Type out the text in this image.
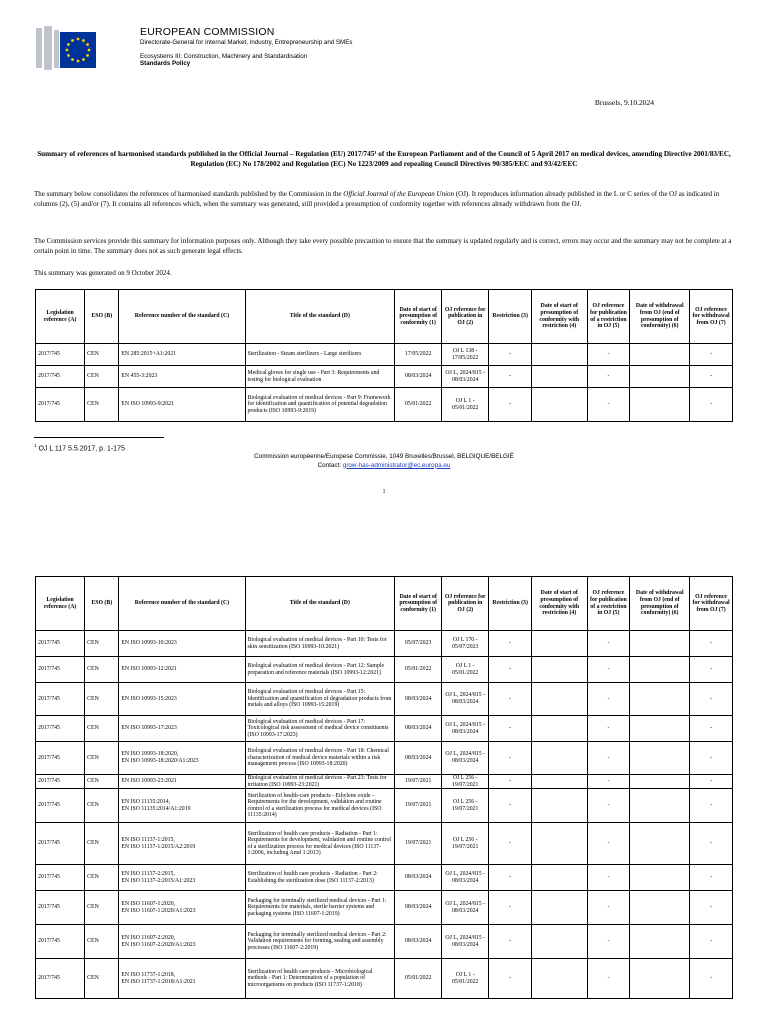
EUROPEAN COMMISSION
Directorate-General for Internal Market, Industry, Entrepreneurship and SMEs
Ecosystems III: Construction, Machinery and Standardisation
Standards Policy
Brussels, 9.10.2024
Summary of references of harmonised standards published in the Official Journal – Regulation (EU) 2017/745¹ of the European Parliament and of the Council of 5 April 2017 on medical devices, amending Directive 2001/83/EC, Regulation (EC) No 178/2002 and Regulation (EC) No 1223/2009 and repealing Council Directives 90/385/EEC and 93/42/EEC
The summary below consolidates the references of harmonised standards published by the Commission in the Official Journal of the European Union (OJ). It reproduces information already published in the L or C series of the OJ as indicated in columns (2), (5) and/or (7). It contains all references which, when the summary was generated, still provided a presumption of conformity together with references already withdrawn from the OJ.
The Commission services provide this summary for information purposes only. Although they take every possible precaution to ensure that the summary is updated regularly and is correct, errors may occur and the summary may not be complete at a certain point in time. The summary does not as such generate legal effects.
This summary was generated on 9 October 2024.
Legislation reference (A)	ESO (B)	Reference number of the standard (C)	Title of the standard (D)	Date of start of presumption of conformity (1)	OJ reference for publication in OJ (2)	Restriction (3)	Date of start of presumption of conformity with restriction (4)	OJ reference for publication of a restriction in OJ (5)	Date of withdrawal from OJ (end of presumption of conformity) (6)	OJ reference for withdrawal from OJ (7)
2017/745	CEN	EN 285:2015+A1:2021	Sterilization - Steam sterilizers - Large sterilizers	17/05/2022	OJ L 138 - 17/05/2022	-		-		-
2017/745	CEN	EN 455-3:2023	Medical gloves for single use - Part 3: Requirements and testing for biological evaluation	08/03/2024	OJ L, 2024/815 - 08/03/2024	-		-		-
2017/745	CEN	EN ISO 10993-9:2021	Biological evaluation of medical devices - Part 9: Framework for identification and quantification of potential degradation products (ISO 10993-9:2019)	05/01/2022	OJ L 1 - 05/01/2022	-		-		-
$^1$ OJ L 117 5.5.2017, p. 1-175
Commission européenne/Europese Commissie, 1049 Bruxelles/Brussel, BELGIQUE/BELGIË
Contact: grow-has-administrator@ec.europa.eu
1
Legislation reference (A)	ESO (B)	Reference number of the standard (C)	Title of the standard (D)	Date of start of presumption of conformity (1)	OJ reference for publication in OJ (2)	Restriction (3)	Date of start of presumption of conformity with restriction (4)	OJ reference for publication of a restriction in OJ (5)	Date of withdrawal from OJ (end of presumption of conformity) (6)	OJ reference for withdrawal from OJ (7)
2017/745	CEN	EN ISO 10993-10:2023	Biological evaluation of medical devices - Part 10: Tests for skin sensitization (ISO 10993-10:2021)	05/07/2023	OJ L 170 - 05/07/2023	-		-		-
2017/745	CEN	EN ISO 10993-12:2021	Biological evaluation of medical devices - Part 12: Sample preparation and reference materials (ISO 10993-12:2021)	05/01/2022	OJ L 1 - 05/01/2022	-		-		-
2017/745	CEN	EN ISO 10993-15:2023	Biological evaluation of medical devices - Part 15: Identification and quantification of degradation products from metals and alloys (ISO 10993-15:2019)	08/03/2024	OJ L, 2024/815 - 08/03/2024	-		-		-
2017/745	CEN	EN ISO 10993-17:2023	Biological evaluation of medical devices - Part 17: Toxicological risk assessment of medical device constituents (ISO 10993-17:2023)	08/03/2024	OJ L, 2024/815 - 08/03/2024	-		-		-
2017/745	CEN	EN ISO 10993-18:2020,
EN ISO 10993-18:2020/A1:2023	Biological evaluation of medical devices - Part 18: Chemical characterization of medical device materials within a risk management process (ISO 10993-18:2020)	08/03/2024	OJ L, 2024/815 - 08/03/2024	-		-		-
2017/745	CEN	EN ISO 10993-23:2021	Biological evaluation of medical devices - Part 23: Tests for irritation (ISO 10993-23:2021)	19/07/2021	OJ L 256 - 19/07/2021	-		-		-
2017/745	CEN	EN ISO 11135:2014,
EN ISO 11135:2014/A1:2019	Sterilization of health-care products - Ethylene oxide - Requirements for the development, validation and routine control of a sterilization process for medical devices (ISO 11135:2014)	19/07/2021	OJ L 256 - 19/07/2021	-		-		-
2017/745	CEN	EN ISO 11137-1:2015,
EN ISO 11137-1:2015/A2:2019	Sterilization of health care products - Radiation - Part 1: Requirements for development, validation and routine control of a sterilization process for medical devices (ISO 11137-1:2006, including Amd 1:2013)	19/07/2021	OJ L 256 - 19/07/2021	-		-		-
2017/745	CEN	EN ISO 11137-2:2015,
EN ISO 11137-2:2015/A1:2023	Sterilization of health care products - Radiation - Part 2: Establishing the sterilization dose (ISO 11137-2:2013)	08/03/2024	OJ L, 2024/815 - 08/03/2024	-		-		-
2017/745	CEN	EN ISO 11607-1:2020,
EN ISO 11607-1:2020/A1:2023	Packaging for terminally sterilized medical devices - Part 1: Requirements for materials, sterile barrier systems and packaging systems (ISO 11607-1:2019)	08/03/2024	OJ L, 2024/815 - 08/03/2024	-		-		-
2017/745	CEN	EN ISO 11607-2:2020,
EN ISO 11607-2:2020/A1:2023	Packaging for terminally sterilized medical devices - Part 2: Validation requirements for forming, sealing and assembly processes (ISO 11607-2:2019)	08/03/2024	OJ L, 2024/815 - 08/03/2024	-		-		-
2017/745	CEN	EN ISO 11737-1:2018,
EN ISO 11737-1:2018/A1:2021	Sterilization of health care products - Microbiological methods - Part 1: Determination of a population of microorganisms on products (ISO 11737-1:2018)	05/01/2022	OJ L 1 - 05/01/2022	-		-		-
